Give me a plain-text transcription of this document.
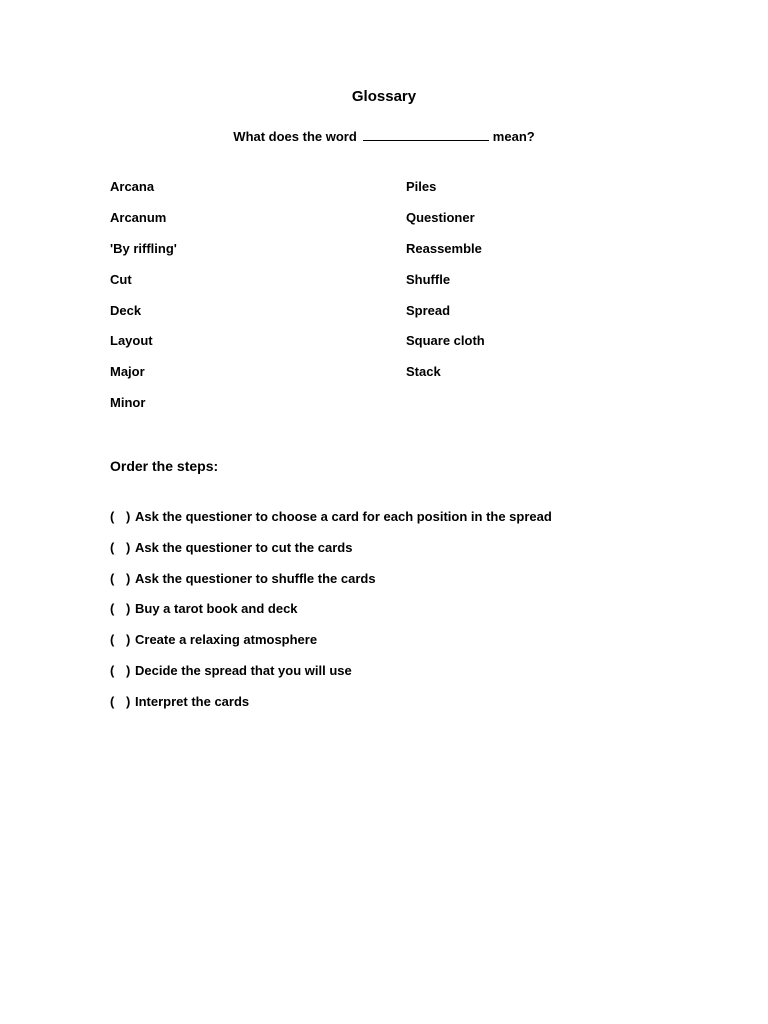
Glossary
What does the word	mean?
Arcana
Arcanum
'By riffling'
Cut
Deck
Layout
Major
Minor
Piles
Questioner
Reassemble
Shuffle
Spread
Square cloth
Stack
Order the steps:
( ) Ask the questioner to choose a card for each position in the spread
( ) Ask the questioner to cut the cards
( ) Ask the questioner to shuffle the cards
( ) Buy a tarot book and deck
( ) Create a relaxing atmosphere
( ) Decide the spread that you will use
( ) Interpret the cards
